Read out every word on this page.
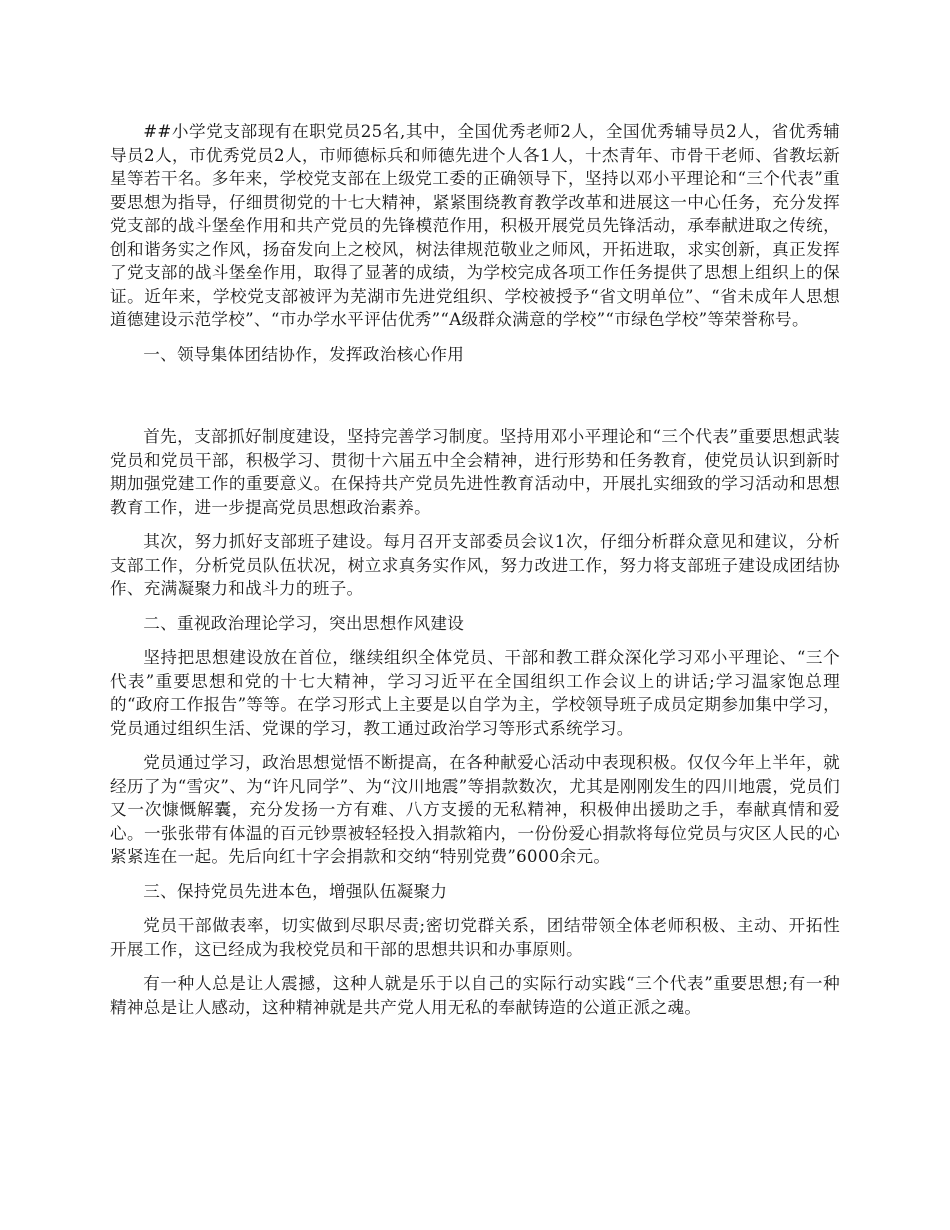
##小学党支部现有在职党员25名,其中，全国优秀老师2人，全国优秀辅导员2人，省优秀辅导员2人，市优秀党员2人，市师德标兵和师德先进个人各1人，十杰青年、市骨干老师、省教坛新星等若干名。多年来，学校党支部在上级党工委的正确领导下，坚持以邓小平理论和“三个代表”重要思想为指导，仔细贯彻党的十七大精神，紧紧围绕教育教学改革和进展这一中心任务，充分发挥党支部的战斗堡垒作用和共产党员的先锋模范作用，积极开展党员先锋活动，承奉献进取之传统，创和谐务实之作风，扬奋发向上之校风，树法律规范敬业之师风，开拓进取，求实创新，真正发挥了党支部的战斗堡垒作用，取得了显著的成绩，为学校完成各项工作任务提供了思想上组织上的保证。近年来，学校党支部被评为芜湖市先进党组织、学校被授予“省文明单位”、“省未成年人思想道德建设示范学校”、“市办学水平评估优秀”“A级群众满意的学校”“市绿色学校”等荣誉称号。

一、领导集体团结协作，发挥政治核心作用

首先，支部抓好制度建设，坚持完善学习制度。坚持用邓小平理论和“三个代表”重要思想武装党员和党员干部，积极学习、贯彻十六届五中全会精神，进行形势和任务教育，使党员认识到新时期加强党建工作的重要意义。在保持共产党员先进性教育活动中，开展扎实细致的学习活动和思想教育工作，进一步提高党员思想政治素养。

其次，努力抓好支部班子建设。每月召开支部委员会议1次，仔细分析群众意见和建议，分析支部工作，分析党员队伍状况，树立求真务实作风，努力改进工作，努力将支部班子建设成团结协作、充满凝聚力和战斗力的班子。

二、重视政治理论学习，突出思想作风建设

坚持把思想建设放在首位，继续组织全体党员、干部和教工群众深化学习邓小平理论、“三个代表”重要思想和党的十七大精神，学习习近平在全国组织工作会议上的讲话;学习温家饱总理的“政府工作报告”等等。在学习形式上主要是以自学为主，学校领导班子成员定期参加集中学习，党员通过组织生活、党课的学习，教工通过政治学习等形式系统学习。

党员通过学习，政治思想觉悟不断提高，在各种献爱心活动中表现积极。仅仅今年上半年，就经历了为“雪灾”、为“许凡同学”、为“汶川地震”等捐款数次，尤其是刚刚发生的四川地震，党员们又一次慷慨解囊，充分发扬一方有难、八方支援的无私精神，积极伸出援助之手，奉献真情和爱心。一张张带有体温的百元钞票被轻轻投入捐款箱内，一份份爱心捐款将每位党员与灾区人民的心紧紧连在一起。先后向红十字会捐款和交纳“特别党费”6000余元。

三、保持党员先进本色，增强队伍凝聚力

党员干部做表率，切实做到尽职尽责;密切党群关系，团结带领全体老师积极、主动、开拓性开展工作，这已经成为我校党员和干部的思想共识和办事原则。

有一种人总是让人震撼，这种人就是乐于以自己的实际行动实践“三个代表”重要思想;有一种精神总是让人感动，这种精神就是共产党人用无私的奉献铸造的公道正派之魂。
